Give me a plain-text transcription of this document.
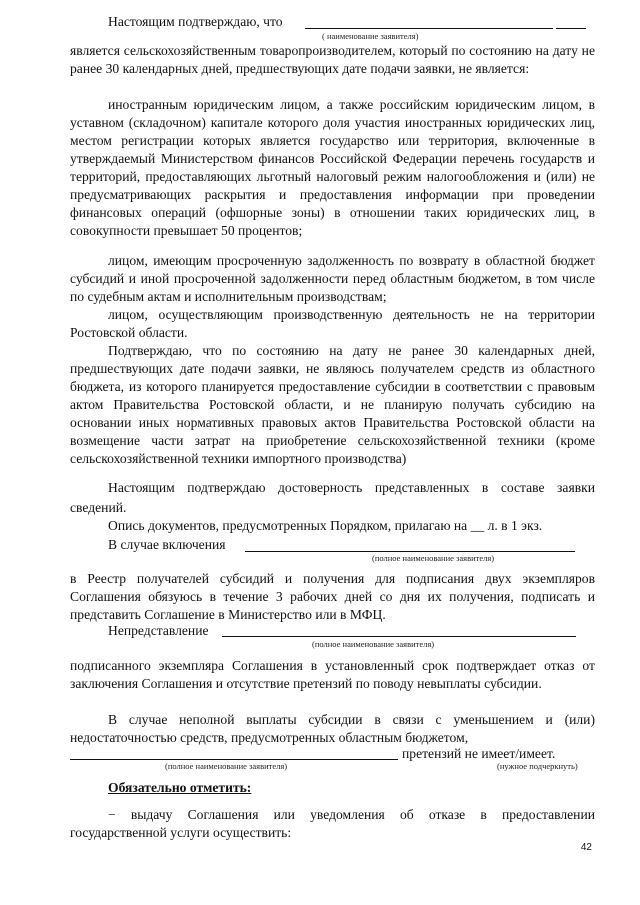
Настоящим подтверждаю, что
( наименование заявителя)

является сельскохозяйственным товаропроизводителем, который по состоянию на дату не ранее 30 календарных дней, предшествующих дате подачи заявки, не является:

иностранным юридическим лицом, а также российским юридическим лицом, в уставном (складочном) капитале которого доля участия иностранных юридических лиц, местом регистрации которых является государство или территория, включенные в утверждаемый Министерством финансов Российской Федерации перечень государств и территорий, предоставляющих льготный налоговый режим налогообложения и (или) не предусматривающих раскрытия и предоставления информации при проведении финансовых операций (офшорные зоны) в отношении таких юридических лиц, в совокупности превышает 50 процентов;

лицом, имеющим просроченную задолженность по возврату в областной бюджет субсидий и иной просроченной задолженности перед областным бюджетом, в том числе по судебным актам и исполнительным производствам;

лицом, осуществляющим производственную деятельность не на территории Ростовской области.

Подтверждаю, что по состоянию на дату не ранее 30 календарных дней, предшествующих дате подачи заявки, не являюсь получателем средств из областного бюджета, из которого планируется предоставление субсидии в соответствии с правовым актом Правительства Ростовской области, и не планирую получать субсидию на основании иных нормативных правовых актов Правительства Ростовской области на возмещение части затрат на приобретение сельскохозяйственной техники (кроме сельскохозяйственной техники импортного производства)

Настоящим подтверждаю достоверность представленных в составе заявки сведений.

Опись документов, предусмотренных Порядком, прилагаю на __ л. в 1 экз.
В случае включения
(полное наименование заявителя)

в Реестр получателей субсидий и получения для подписания двух экземпляров Соглашения обязуюсь в течение 3 рабочих дней со дня их получения, подписать и представить Соглашение в Министерство или в МФЦ.

Непредставление
(полное наименование заявителя)

подписанного экземпляра Соглашения в установленный срок подтверждает отказ от заключения Соглашения и отсутствие претензий по поводу невыплаты субсидии.

В случае неполной выплаты субсидии в связи с уменьшением и (или) недостаточностью средств, предусмотренных областным бюджетом,

претензий не имеет/имеет.
(полное наименование заявителя)	(нужное подчеркнуть)
Обязательно отметить:

− выдачу Соглашения или уведомления об отказе в предоставлении государственной услуги осуществить:

42
